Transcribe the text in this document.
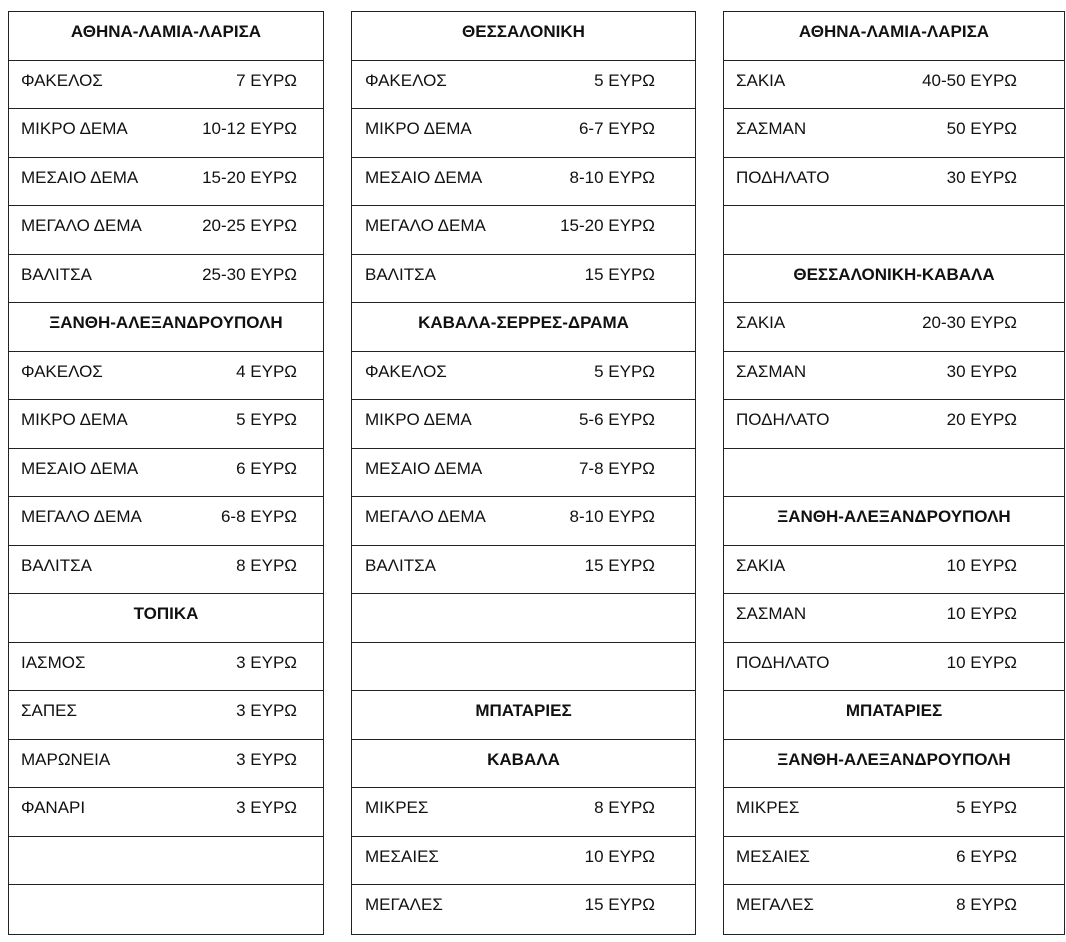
ΑΘΗΝΑ-ΛΑΜΙΑ-ΛΑΡΙΣΑ
ΦΑΚΕΛΟΣ	7 ΕΥΡΩ
ΜΙΚΡΟ ΔΕΜΑ	10-12 ΕΥΡΩ
ΜΕΣΑΙΟ ΔΕΜΑ	15-20 ΕΥΡΩ
ΜΕΓΑΛΟ ΔΕΜΑ	20-25 ΕΥΡΩ
ΒΑΛΙΤΣΑ	25-30 ΕΥΡΩ
ΞΑΝΘΗ-ΑΛΕΞΑΝΔΡΟΥΠΟΛΗ
ΦΑΚΕΛΟΣ	4 ΕΥΡΩ
ΜΙΚΡΟ ΔΕΜΑ	5 ΕΥΡΩ
ΜΕΣΑΙΟ ΔΕΜΑ	6 ΕΥΡΩ
ΜΕΓΑΛΟ ΔΕΜΑ	6-8 ΕΥΡΩ
ΒΑΛΙΤΣΑ	8 ΕΥΡΩ
ΤΟΠΙΚΑ
ΙΑΣΜΟΣ	3 ΕΥΡΩ
ΣΑΠΕΣ	3 ΕΥΡΩ
ΜΑΡΩΝΕΙΑ	3 ΕΥΡΩ
ΦΑΝΑΡΙ	3 ΕΥΡΩ
ΘΕΣΣΑΛΟΝΙΚΗ
ΦΑΚΕΛΟΣ	5 ΕΥΡΩ
ΜΙΚΡΟ ΔΕΜΑ	6-7 ΕΥΡΩ
ΜΕΣΑΙΟ ΔΕΜΑ	8-10 ΕΥΡΩ
ΜΕΓΑΛΟ ΔΕΜΑ	15-20 ΕΥΡΩ
ΒΑΛΙΤΣΑ	15 ΕΥΡΩ
ΚΑΒΑΛΑ-ΣΕΡΡΕΣ-ΔΡΑΜΑ
ΦΑΚΕΛΟΣ	5 ΕΥΡΩ
ΜΙΚΡΟ ΔΕΜΑ	5-6 ΕΥΡΩ
ΜΕΣΑΙΟ ΔΕΜΑ	7-8 ΕΥΡΩ
ΜΕΓΑΛΟ ΔΕΜΑ	8-10 ΕΥΡΩ
ΒΑΛΙΤΣΑ	15 ΕΥΡΩ
ΜΠΑΤΑΡΙΕΣ
ΚΑΒΑΛΑ
ΜΙΚΡΕΣ	8 ΕΥΡΩ
ΜΕΣΑΙΕΣ	10 ΕΥΡΩ
ΜΕΓΑΛΕΣ	15 ΕΥΡΩ
ΑΘΗΝΑ-ΛΑΜΙΑ-ΛΑΡΙΣΑ
ΣΑΚΙΑ	40-50 ΕΥΡΩ
ΣΑΣΜΑΝ	50 ΕΥΡΩ
ΠΟΔΗΛΑΤΟ	30 ΕΥΡΩ
ΘΕΣΣΑΛΟΝΙΚΗ-ΚΑΒΑΛΑ
ΣΑΚΙΑ	20-30 ΕΥΡΩ
ΣΑΣΜΑΝ	30 ΕΥΡΩ
ΠΟΔΗΛΑΤΟ	20 ΕΥΡΩ
ΞΑΝΘΗ-ΑΛΕΞΑΝΔΡΟΥΠΟΛΗ
ΣΑΚΙΑ	10 ΕΥΡΩ
ΣΑΣΜΑΝ	10 ΕΥΡΩ
ΠΟΔΗΛΑΤΟ	10 ΕΥΡΩ
ΜΠΑΤΑΡΙΕΣ
ΞΑΝΘΗ-ΑΛΕΞΑΝΔΡΟΥΠΟΛΗ
ΜΙΚΡΕΣ	5 ΕΥΡΩ
ΜΕΣΑΙΕΣ	6 ΕΥΡΩ
ΜΕΓΑΛΕΣ	8 ΕΥΡΩ
